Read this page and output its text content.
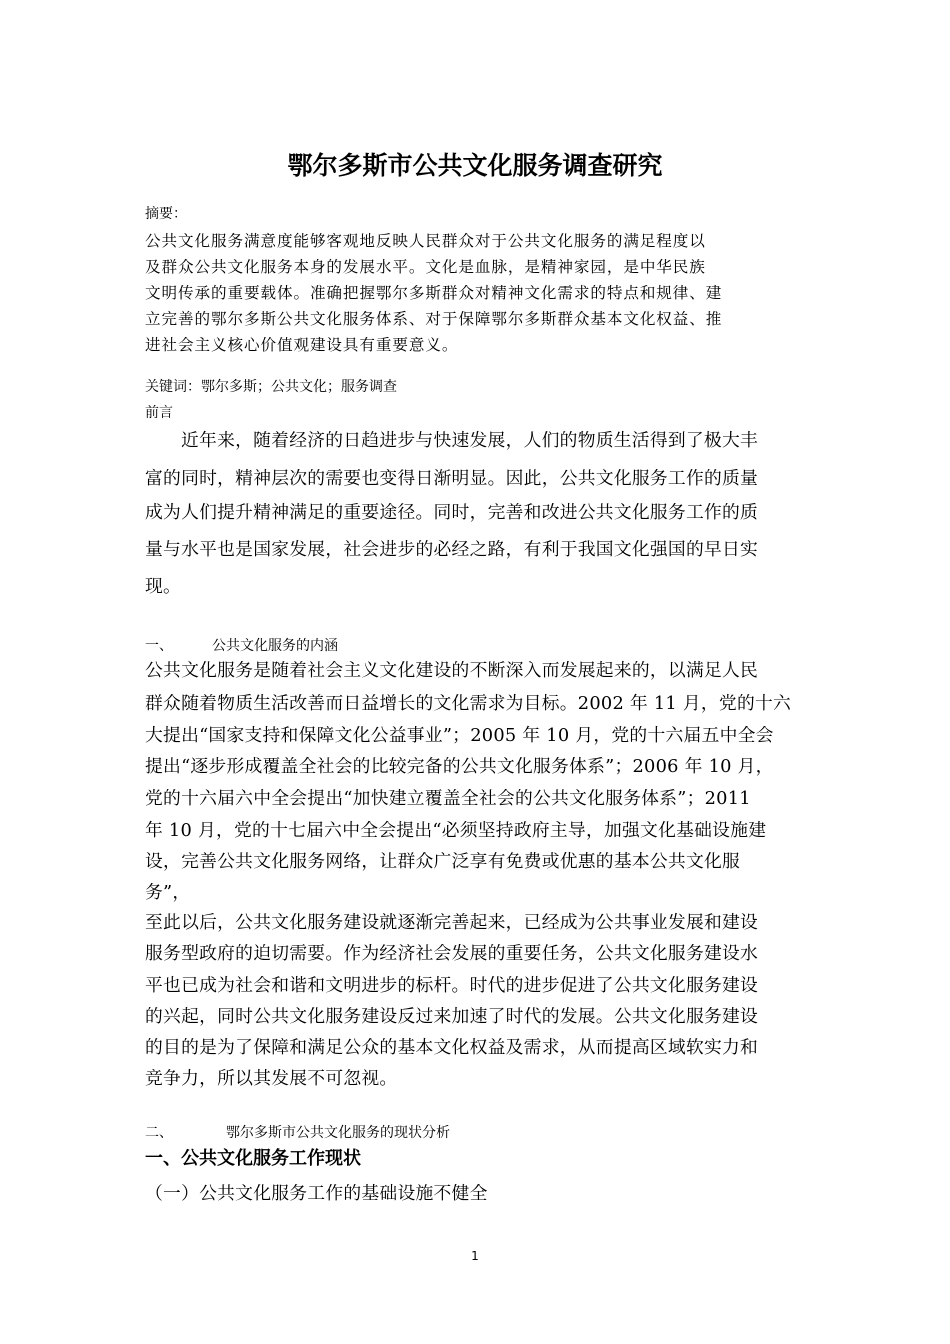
鄂尔多斯市公共文化服务调查研究
摘要：
公共文化服务满意度能够客观地反映人民群众对于公共文化服务的满足程度以
及群众公共文化服务本身的发展水平。文化是血脉，是精神家园，是中华民族
文明传承的重要载体。准确把握鄂尔多斯群众对精神文化需求的特点和规律、建
立完善的鄂尔多斯公共文化服务体系、对于保障鄂尔多斯群众基本文化权益、推
进社会主义核心价值观建设具有重要意义。
关键词：鄂尔多斯；公共文化；服务调查
前言
近年来，随着经济的日趋进步与快速发展，人们的物质生活得到了极大丰
富的同时，精神层次的需要也变得日渐明显。因此，公共文化服务工作的质量
成为人们提升精神满足的重要途径。同时，完善和改进公共文化服务工作的质
量与水平也是国家发展，社会进步的必经之路，有利于我国文化强国的早日实
现。
一、	公共文化服务的内涵
公共文化服务是随着社会主义文化建设的不断深入而发展起来的，以满足人民
群众随着物质生活改善而日益增长的文化需求为目标。2002 年 11 月，党的十六
大提出“国家支持和保障文化公益事业”；2005 年 10 月，党的十六届五中全会
提出“逐步形成覆盖全社会的比较完备的公共文化服务体系”；2006 年 10 月，
党的十六届六中全会提出“加快建立覆盖全社会的公共文化服务体系”；2011
年 10 月，党的十七届六中全会提出“必须坚持政府主导，加强文化基础设施建
设，完善公共文化服务网络，让群众广泛享有免费或优惠的基本公共文化服
务”，
至此以后，公共文化服务建设就逐渐完善起来，已经成为公共事业发展和建设
服务型政府的迫切需要。作为经济社会发展的重要任务，公共文化服务建设水
平也已成为社会和谐和文明进步的标杆。时代的进步促进了公共文化服务建设
的兴起，同时公共文化服务建设反过来加速了时代的发展。公共文化服务建设
的目的是为了保障和满足公众的基本文化权益及需求，从而提高区域软实力和
竞争力，所以其发展不可忽视。
二、	鄂尔多斯市公共文化服务的现状分析
一、公共文化服务工作现状
（一）公共文化服务工作的基础设施不健全
1
